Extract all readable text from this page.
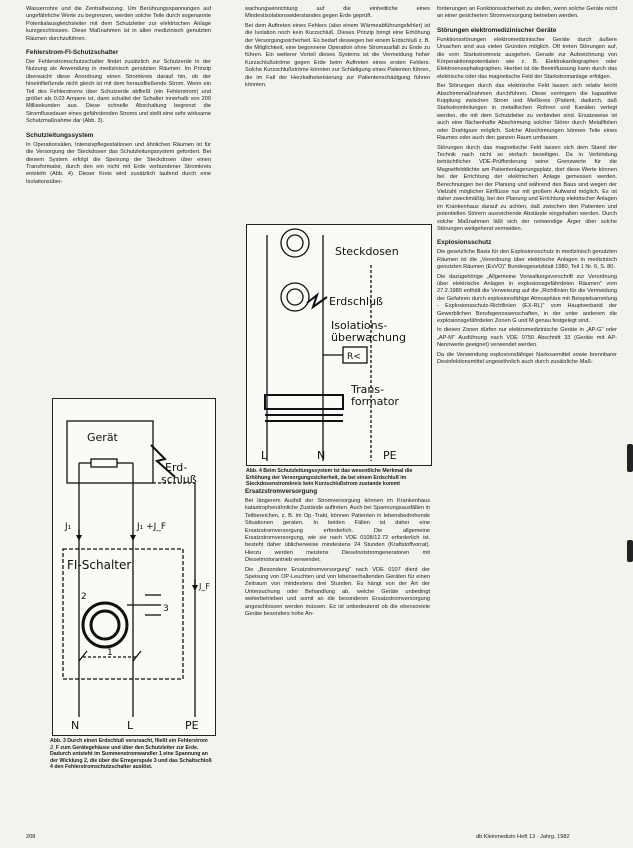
Wasserrohre und die Zentralheizung. Um Berührungsspannungen auf ungefährliche Werte zu begrenzen, werden solche Teile durch sogenannte Potentialausgleichsleiter mit dem Schutzleiter zur elektrischen Anlage kurzgeschlossen. Diese Maßnahmen ist in allen medizinisch genutzten Räumen durchzuführen.

Fehlerstrom-FI-Schutzschalter

Der Fehlerstromschutzschalter findet zusätzlich zur Schutzerde in der Nutzung als Anwendung in medizinisch genutzten Räumen. Im Prinzip überwacht diese Anordnung einen Stromkreis darauf hin, ob der hineinfließende nicht gleich ist mit dem herausfließende Strom. Wenn ein Teil des Fehlerstroms über Schutzerde abfließt (ein Fehlerstrom) und größer als 0,03 Ampere ist, dann schaltet der Schalter innerhalb von 200 Millisekunden aus. Diese schnelle Abschaltung begrenzt die Stromflussdauer eines gefährdenden Stroms und stellt eine sehr wirksame Schutzmaßnahme dar (Abb. 3).

Schutzleitungssystem

In Operationsälen, Intensivpflegestationen und ähnlichen Räumen ist für die Versorgung der Steckdosen das Schutzleitungssystem gefordert. Bei diesem System erfolgt die Speisung der Steckdosen über einen Transformator, durch den ein nicht mit Erde verbundener Stromkreis entsteht (Abb. 4). Dieser Kreis wird zusätzlich laufend durch eine Isolationsüber-

wachungseinrichtung auf die einheitliche eines Mindestisolationswiderstandes gegen Erde geprüft.

Bei dem Auftreten eines Fehlers (also einem Wärmeabführungsfehler) ist die Isolation noch kein Kurzschluß. Dieses Prinzip bringt eine Erhöhung der Versorgungssicherheit. Es bedarf deswegen bei einem Erdschluß z. B. die Möglichkeit, eine begonnene Operation ohne Stromausfall zu Ende zu führen. Ein weiterer Vorteil dieses Systems ist die Vermeidung hoher Kurzschlußströme gegen Erde beim Auftreten eines ersten Fehlers. Solche Kurzschlußströme könnten zur Schädigung eines Patienten führen, die im Fall der Herzkatheterisierung zur Patientenschädigung führen könnten.

Ersatzstromversorgung

Bei längerem Ausfall der Stromversorgung können im Krankenhaus katastrophenähnliche Zustände auftreten. Auch bei Spannungsausfällen in Teilbereichen, z. B. im Op.-Trakt, können Patienten in lebensbedrohende Situationen geraten. In beiden Fällen ist daher eine Ersatzstromversorgung erforderlich. Die allgemeine Ersatzstromversorgung, wie sie nach VDE 0108/12.72 erforderlich ist, besteht daher üblicherweise mindestens 24 Stunden (Kraftstoffvorrat). Hierzu werden meistens Dieselnotstromgeneratoren mit Dieselmotorantrieb verwendet.

Die „Besondere Ersatzstromversorgung" nach VDE 0107 dient der Speisung von OP-Leuchten und von lebenserhaltenden Geräten für einen Zeitraum von mindestens drei Stunden. Es hängt von der Art der Untersuchung oder Behandlung ab, welche Geräte unbedingt weiterbetrieben und somit an die besonderen Ersatzstromversorgung angeschlossen werden müssen. Es ist unbedeutend ob die ebensoviele Geräte besonders hohe An-

forderungen an Funktionssicherheit zu stellen, wenn solche Geräte nicht an einer gesicherten Stromversorgung betrieben werden.

Störungen elektromedizinischer Geräte

Funktionsstörungen elektromedizinischer Geräte durch äußere Ursachen sind aus vielen Gründen möglich. Oft treten Störungen auf, die vom Starkstromnetz ausgehen. Gerade zur Aufzeichnung von Körperaktionspotentialen wie z. B. Elektrokardiographen oder Elektroenzephalographen. Hierbei ist die Beeinflussung kann durch das elektrische oder das magnetische Feld der Starkstromanlage erfolgen.

Bei Störungen durch das elektrische Feld lassen sich relativ leicht Abschirmmaßnahmen durchführen. Diese verringern die kapazitive Kopplung zwischen Strom und Meßkreis (Patient, dadurch, daß Starkstromleitungen in metallischen Rohren und Kanälen verlegt werden, die mit dem Schutzleiter zu verbinden sind. Ersatzweise ist auch eine flächenhafte Abschirmung solcher Störer durch Metallfolien oder Drahtgaze möglich. Solche Abschirmungen können Teile eines Raumes oder auch den ganzen Raum umfassen.

Störungen durch das magnetische Feld lassen sich dem Stand der Technik nach nicht so einfach beseitigen. Da in Verbindung beträchtlicher VDE-Prüfforderung seine Grenzwerte für die Magnetfelddichte am Patientenlagerungsplatz, dort diese Werte können bei der Errichtung der elektrischen Anlage gemessen werden. Berechnungen bei der Planung und während des Baus sind wegen der Vielzahl möglicher Einflüsse nur mit großem Aufwand möglich. Es ist daher zweckmäßig, bei der Planung und Errichtung elektrischer Anlagen im Krankenhaus darauf zu achten, daß zwischen den Patienten und potentiellen Störern ausreichende Abstände eingehalten werden. Durch solche Maßnahmen läßt sich der notwendige Ärger über solche Störungen weitgehend vermeiden.

Explosionsschutz

Die gesetzliche Basis für den Explosionsschutz in medizinisch genutzten Räumen ist die „Verordnung über elektrische Anlagen in medizinisch genutzten Räumen (ExVO)" Bundesgesetzblatt 1980, Teil 1 Nr. 6, S. 80.

Die dazugehörige „Allgemeine Verwaltungsvorschrift zur Verordnung über elektrische Anlagen in explosionsgefährdeten Räumen" vom 27.2.1980 enthält die Verweisung auf die „Richtlinien für die Vermeidung der Gefahren durch explosionsfähige Atmosphäre mit Beispielsammlung - Explosionsschutz-Richtlinien (EX-RL)" vom Hauptverband der Gewerblichen Berufsgenossenschaften, in der unter anderem die explosionsgefährdeten Zonen G und M genau festgelegt sind.

In diesen Zonen dürfen nur elektromedizinische Geräte in „AP-G" oder „AP-M" Ausführung nach VDE 0750 Abschnitt 33 (Geräte mit AP-Nennwerte geeignet) verwendet werden.

Da die Verwendung explosionsfähiger Narkosemittel sowie brennbarer Desinfektionsmittel ungewöhnlich auch durch zusätzliche Maß-

Gerät
Erd-
schluß
J₁	J₁ +J_F
FI-Schalter
J_F
1
2
3
N	L	PE
Abb. 3 Durch einen Erdschluß verursacht, fließt ein Fehlerstrom J_F zum Gerätegehäuse und über den Schutzleiter zur Erde. Dadurch entsteht im Summenstromwandler 1 eine Spannung an der Wicklung 2, die über die Erregerspule 3 und das Schaltschloß 4 den Fehlerstromschutzschalter auslöst.
Steckdosen
Erdschluß
Isolations-
überwachung
R<
Trans-
formator
L	N	PE
Abb. 4 Beim Schutzleitungssystem ist das wesentliche Merkmal die Erhöhung der Versorgungssicherheit, da bei einem Erdschluß im Steckdosenstromkreis kein Kurzschlußstrom zustande kommt
208	db Kleinmedizin Heft 13 · Jahrg. 1982
